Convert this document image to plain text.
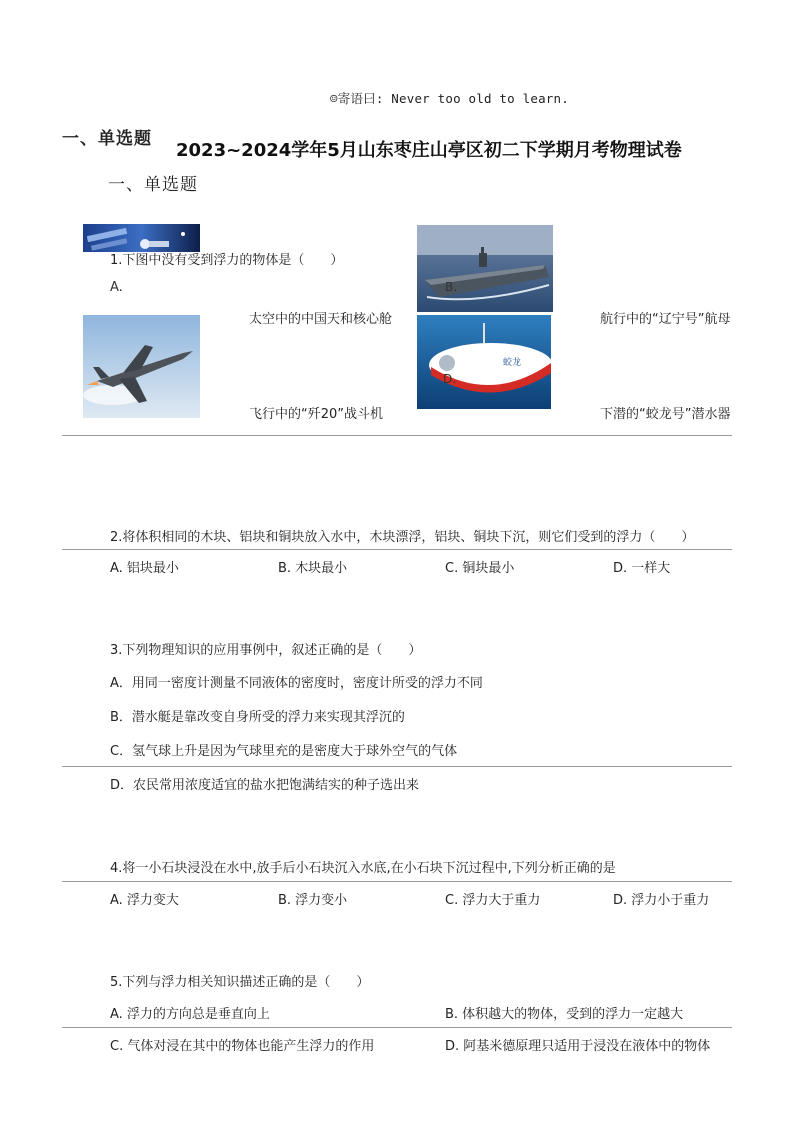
☺寄语曰: Never too old to learn.
一、单选题
2023~2024学年5月山东枣庄山亭区初二下学期月考物理试卷
一、单选题
1.下图中没有受到浮力的物体是（　　）
A.
太空中的中国天和核心舱
B.
航行中的“辽宁号”航母
飞行中的“歼20”战斗机
蛟龙
D.
下潜的“蛟龙号”潜水器
2.将体积相同的木块、铝块和铜块放入水中，木块漂浮，铝块、铜块下沉，则它们受到的浮力（　　）
A. 铝块最小	B. 木块最小	C. 铜块最小	D. 一样大
3.下列物理知识的应用事例中，叙述正确的是（　　）
A．用同一密度计测量不同液体的密度时，密度计所受的浮力不同
B．潜水艇是靠改变自身所受的浮力来实现其浮沉的
C．氢气球上升是因为气球里充的是密度大于球外空气的气体
D．农民常用浓度适宜的盐水把饱满结实的种子选出来
4.将一小石块浸没在水中,放手后小石块沉入水底,在小石块下沉过程中,下列分析正确的是
A. 浮力变大	B. 浮力变小	C. 浮力大于重力	D. 浮力小于重力
5.下列与浮力相关知识描述正确的是（　　）
A. 浮力的方向总是垂直向上	B. 体积越大的物体，受到的浮力一定越大
C. 气体对浸在其中的物体也能产生浮力的作用	D. 阿基米德原理只适用于浸没在液体中的物体
